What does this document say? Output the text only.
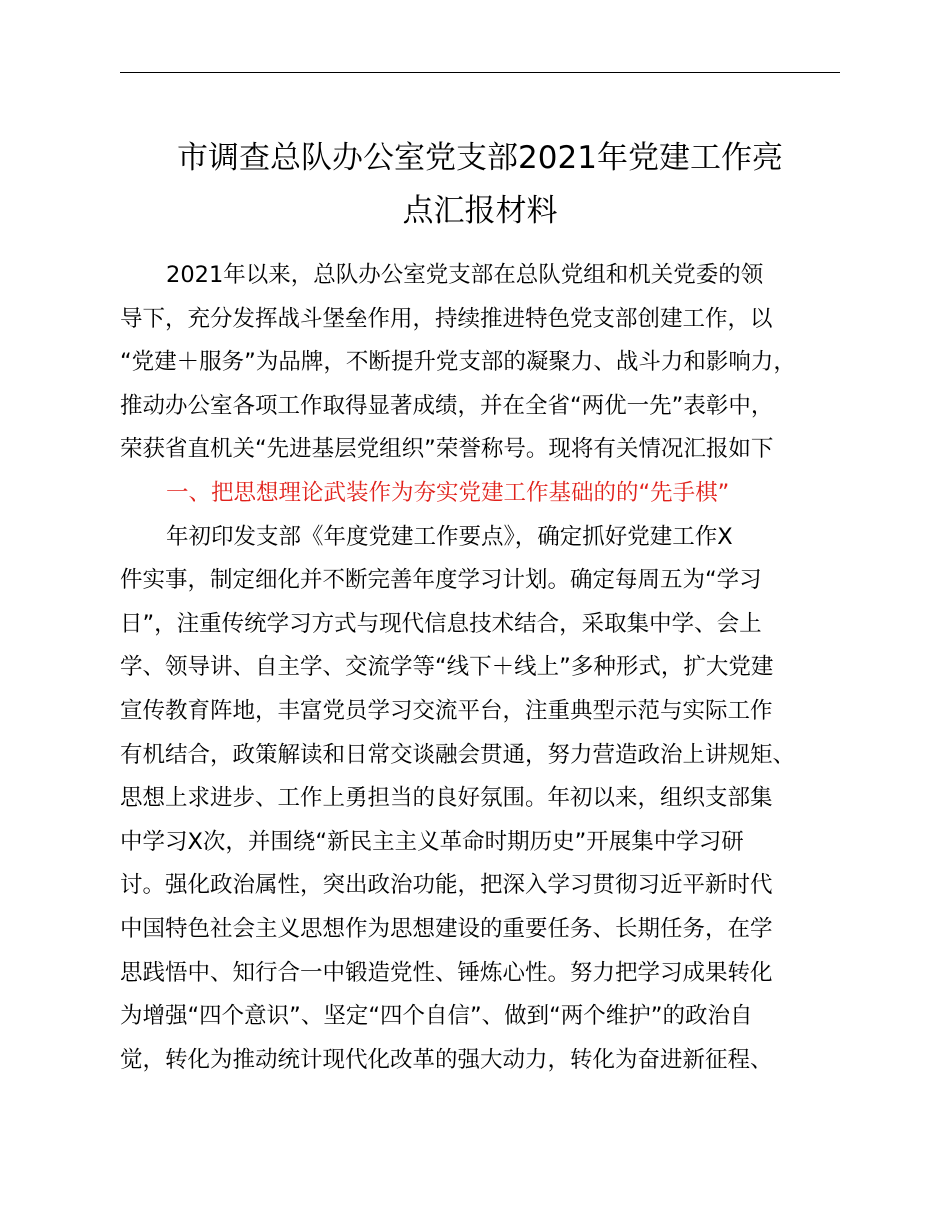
市调查总队办公室党支部2021年党建工作亮
点汇报材料
2021年以来，总队办公室党支部在总队党组和机关党委的领
导下，充分发挥战斗堡垒作用，持续推进特色党支部创建工作，以
“党建＋服务”为品牌，不断提升党支部的凝聚力、战斗力和影响力，
推动办公室各项工作取得显著成绩，并在全省“两优一先”表彰中，
荣获省直机关“先进基层党组织”荣誉称号。现将有关情况汇报如下
一、把思想理论武装作为夯实党建工作基础的的“先手棋”
年初印发支部《年度党建工作要点》，确定抓好党建工作X
件实事，制定细化并不断完善年度学习计划。确定每周五为“学习
日”，注重传统学习方式与现代信息技术结合，采取集中学、会上
学、领导讲、自主学、交流学等“线下＋线上”多种形式，扩大党建
宣传教育阵地，丰富党员学习交流平台，注重典型示范与实际工作
有机结合，政策解读和日常交谈融会贯通，努力营造政治上讲规矩、
思想上求进步、工作上勇担当的良好氛围。年初以来，组织支部集
中学习X次，并围绕“新民主主义革命时期历史”开展集中学习研
讨。强化政治属性，突出政治功能，把深入学习贯彻习近平新时代
中国特色社会主义思想作为思想建设的重要任务、长期任务，在学
思践悟中、知行合一中锻造党性、锤炼心性。努力把学习成果转化
为增强“四个意识”、坚定“四个自信”、做到“两个维护”的政治自
觉，转化为推动统计现代化改革的强大动力，转化为奋进新征程、
